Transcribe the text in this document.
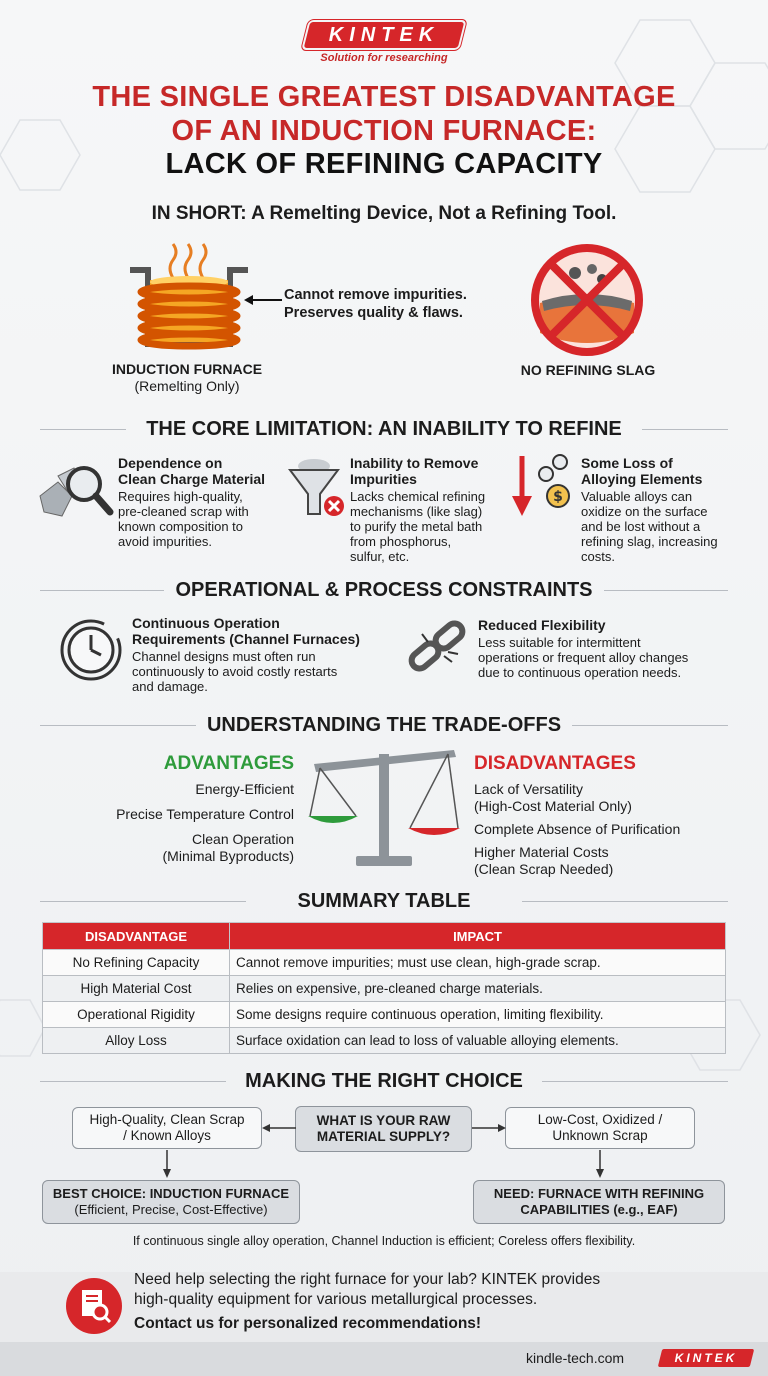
KINTEK
Solution for researching
THE SINGLE GREATEST DISADVANTAGE
OF AN INDUCTION FURNACE:
LACK OF REFINING CAPACITY
IN SHORT: A Remelting Device, Not a Refining Tool.
Cannot remove impurities.
Preserves quality & flaws.
INDUCTION FURNACE
(Remelting Only)
NO REFINING SLAG
THE CORE LIMITATION: AN INABILITY TO REFINE
Dependence on
Clean Charge Material
Requires high-quality,
pre-cleaned scrap with
known composition to
avoid impurities.
Inability to Remove
Impurities
Lacks chemical refining
mechanisms (like slag)
to purify the metal bath
from phosphorus,
sulfur, etc.
$
Some Loss of
Alloying Elements
Valuable alloys can
oxidize on the surface
and be lost without a
refining slag, increasing
costs.
OPERATIONAL & PROCESS CONSTRAINTS
Continuous Operation
Requirements (Channel Furnaces)
Channel designs must often run
continuously to avoid costly restarts
and damage.
Reduced Flexibility
Less suitable for intermittent
operations or frequent alloy changes
due to continuous operation needs.
UNDERSTANDING THE TRADE-OFFS
ADVANTAGES
Energy-Efficient
Precise Temperature Control
Clean Operation
(Minimal Byproducts)
DISADVANTAGES
Lack of Versatility
(High-Cost Material Only)
Complete Absence of Purification
Higher Material Costs
(Clean Scrap Needed)
SUMMARY TABLE
DISADVANTAGE	IMPACT
No Refining Capacity	Cannot remove impurities; must use clean, high-grade scrap.
High Material Cost	Relies on expensive, pre-cleaned charge materials.
Operational Rigidity	Some designs require continuous operation, limiting flexibility.
Alloy Loss	Surface oxidation can lead to loss of valuable alloying elements.
MAKING THE RIGHT CHOICE
High-Quality, Clean Scrap
/ Known Alloys
WHAT IS YOUR RAW
MATERIAL SUPPLY?
Low-Cost, Oxidized /
Unknown Scrap
BEST CHOICE: INDUCTION FURNACE
(Efficient, Precise, Cost-Effective)
NEED: FURNACE WITH REFINING
CAPABILITIES (e.g., EAF)
If continuous single alloy operation, Channel Induction is efficient; Coreless offers flexibility.
Need help selecting the right furnace for your lab? KINTEK provides
high-quality equipment for various metallurgical processes.
Contact us for personalized recommendations!
kindle-tech.com	KINTEK
